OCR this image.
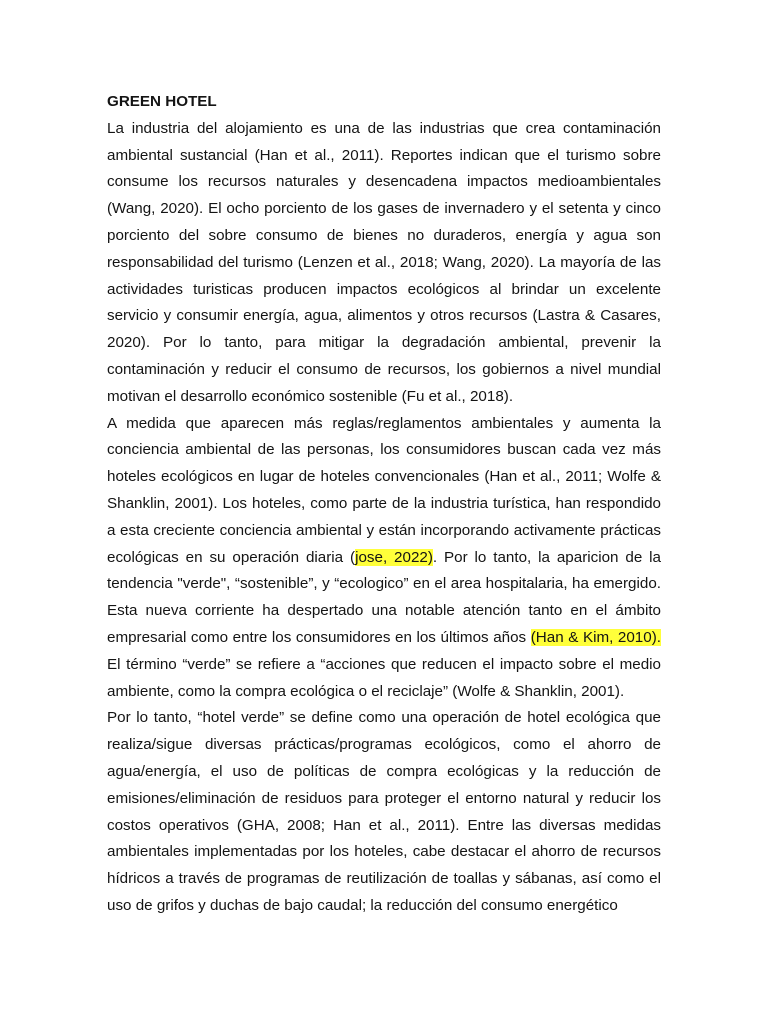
GREEN HOTEL

La industria del alojamiento es una de las industrias que crea contaminación ambiental sustancial (Han et al., 2011). Reportes indican que el turismo sobre consume los recursos naturales y desencadena impactos medioambientales (Wang, 2020). El ocho porciento de los gases de invernadero y el setenta y cinco porciento del sobre consumo de bienes no duraderos, energía y agua son responsabilidad del turismo (Lenzen et al., 2018; Wang, 2020). La mayoría de las actividades turisticas producen impactos ecológicos al brindar un excelente servicio y consumir energía, agua, alimentos y otros recursos (Lastra & Casares, 2020). Por lo tanto, para mitigar la degradación ambiental, prevenir la contaminación y reducir el consumo de recursos, los gobiernos a nivel mundial motivan el desarrollo económico sostenible (Fu et al., 2018).

A medida que aparecen más reglas/reglamentos ambientales y aumenta la conciencia ambiental de las personas, los consumidores buscan cada vez más hoteles ecológicos en lugar de hoteles convencionales (Han et al., 2011; Wolfe & Shanklin, 2001). Los hoteles, como parte de la industria turística, han respondido a esta creciente conciencia ambiental y están incorporando activamente prácticas ecológicas en su operación diaria (jose, 2022). Por lo tanto, la aparicion de la tendencia "verde", “sostenible”, y “ecologico” en el area hospitalaria, ha emergido. Esta nueva corriente ha despertado una notable atención tanto en el ámbito empresarial como entre los consumidores en los últimos años (Han & Kim, 2010). El término “verde” se refiere a “acciones que reducen el impacto sobre el medio ambiente, como la compra ecológica o el reciclaje” (Wolfe & Shanklin, 2001).

Por lo tanto, “hotel verde” se define como una operación de hotel ecológica que realiza/sigue diversas prácticas/programas ecológicos, como el ahorro de agua/energía, el uso de políticas de compra ecológicas y la reducción de emisiones/eliminación de residuos para proteger el entorno natural y reducir los costos operativos (GHA, 2008; Han et al., 2011). Entre las diversas medidas ambientales implementadas por los hoteles, cabe destacar el ahorro de recursos hídricos a través de programas de reutilización de toallas y sábanas, así como el uso de grifos y duchas de bajo caudal; la reducción del consumo energético
